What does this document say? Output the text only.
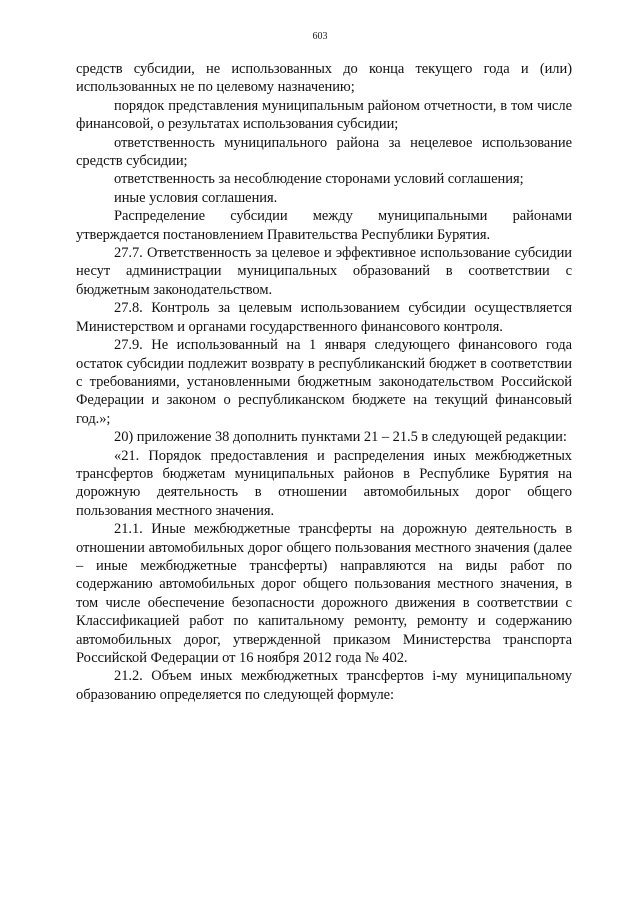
603

средств субсидии, не использованных до конца текущего года и (или) использованных не по целевому назначению;

порядок представления муниципальным районом отчетности, в том числе финансовой, о результатах использования субсидии;

ответственность муниципального района за нецелевое использование средств субсидии;

ответственность за несоблюдение сторонами условий соглашения;

иные условия соглашения.

Распределение субсидии между муниципальными районами утверждается постановлением Правительства Республики Бурятия.

27.7. Ответственность за целевое и эффективное использование субсидии несут администрации муниципальных образований в соответствии с бюджетным законодательством.

27.8. Контроль за целевым использованием субсидии осуществляется Министерством и органами государственного финансового контроля.

27.9. Не использованный на 1 января следующего финансового года остаток субсидии подлежит возврату в республиканский бюджет в соответствии с требованиями, установленными бюджетным законодательством Российской Федерации и законом о республиканском бюджете на текущий финансовый год.»;

20) приложение 38 дополнить пунктами 21 – 21.5 в следующей редакции:

«21. Порядок предоставления и распределения иных межбюджетных трансфертов бюджетам муниципальных районов в Республике Бурятия на дорожную деятельность в отношении автомобильных дорог общего пользования местного значения.

21.1. Иные межбюджетные трансферты на дорожную деятельность в отношении автомобильных дорог общего пользования местного значения (далее – иные межбюджетные трансферты) направляются на виды работ по содержанию автомобильных дорог общего пользования местного значения, в том числе обеспечение безопасности дорожного движения в соответствии с Классификацией работ по капитальному ремонту, ремонту и содержанию автомобильных дорог, утвержденной приказом Министерства транспорта Российской Федерации от 16 ноября 2012 года № 402.

21.2. Объем иных межбюджетных трансфертов i-му муниципальному образованию определяется по следующей формуле:
